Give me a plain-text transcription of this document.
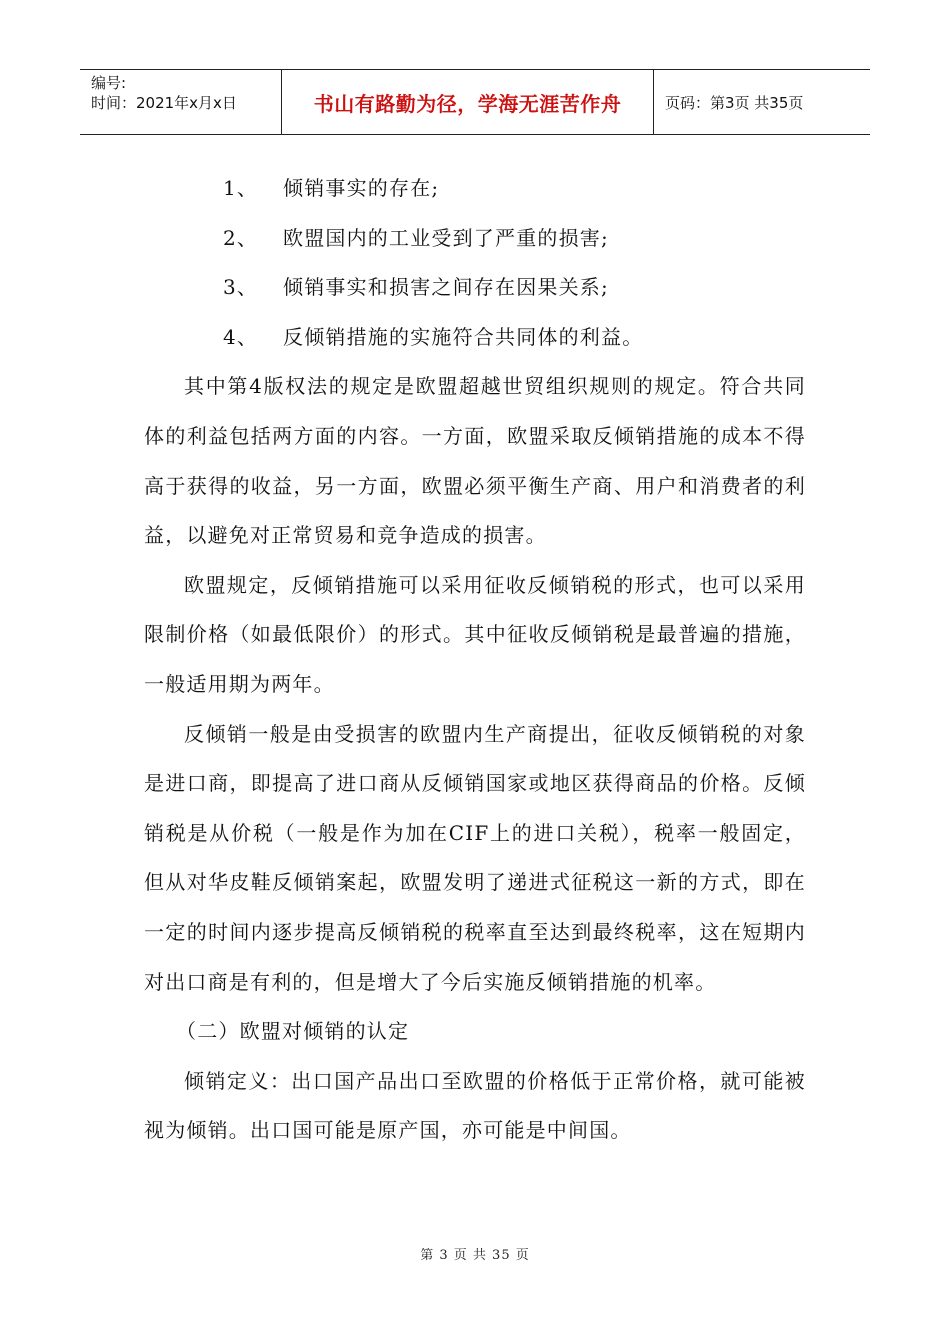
编号:
时间：2021年x月x日	书山有路勤为径，学海无涯苦作舟	页码：第3页 共35页
1、	倾销事实的存在;
2、	欧盟国内的工业受到了严重的损害;
3、	倾销事实和损害之间存在因果关系;
4、	反倾销措施的实施符合共同体的利益。

其中第4版权法的规定是欧盟超越世贸组织规则的规定。符合共同体的利益包括两方面的内容。一方面，欧盟采取反倾销措施的成本不得高于获得的收益，另一方面，欧盟必须平衡生产商、用户和消费者的利益，以避免对正常贸易和竞争造成的损害。

欧盟规定，反倾销措施可以采用征收反倾销税的形式，也可以采用限制价格（如最低限价）的形式。其中征收反倾销税是最普遍的措施，一般适用期为两年。

反倾销一般是由受损害的欧盟内生产商提出，征收反倾销税的对象是进口商，即提高了进口商从反倾销国家或地区获得商品的价格。反倾销税是从价税（一般是作为加在CIF上的进口关税），税率一般固定，但从对华皮鞋反倾销案起，欧盟发明了递进式征税这一新的方式，即在一定的时间内逐步提高反倾销税的税率直至达到最终税率，这在短期内对出口商是有利的，但是增大了今后实施反倾销措施的机率。

（二）欧盟对倾销的认定

倾销定义：出口国产品出口至欧盟的价格低于正常价格，就可能被视为倾销。出口国可能是原产国，亦可能是中间国。

第 3 页 共 35 页
